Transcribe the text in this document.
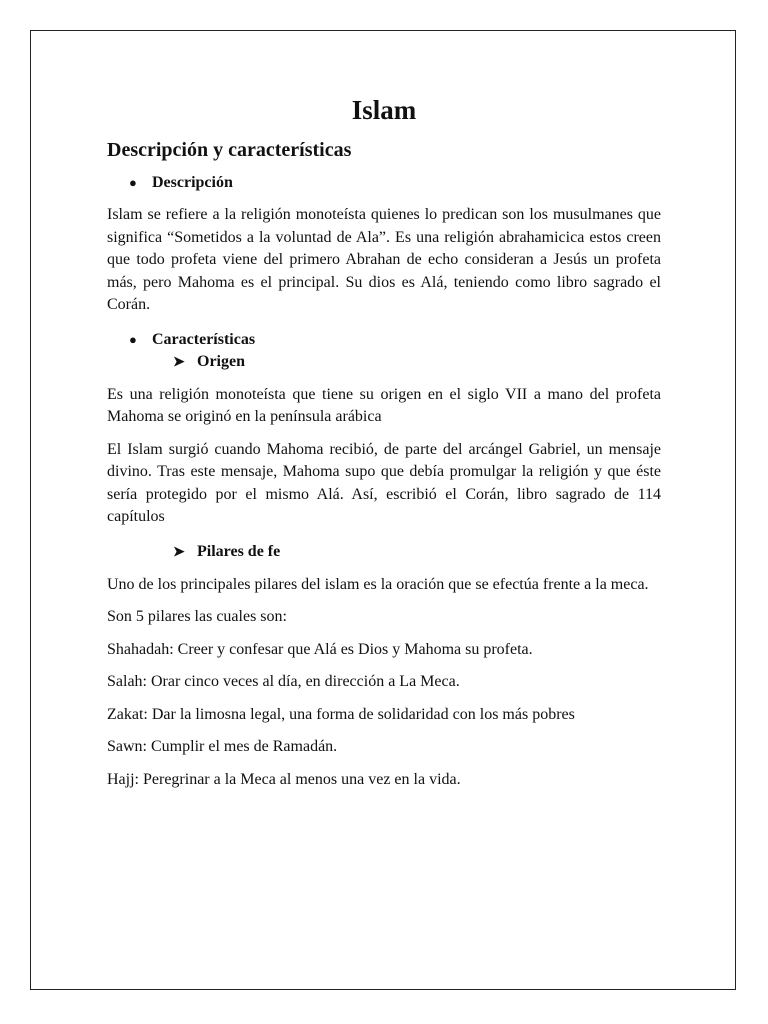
Islam
Descripción y características
● Descripción

Islam se refiere a la religión monoteísta quienes lo predican son los musulmanes que significa “Sometidos a la voluntad de Ala”. Es una religión abrahamicica estos creen que todo profeta viene del primero Abrahan de echo consideran a Jesús un profeta más, pero Mahoma es el principal. Su dios es Alá, teniendo como libro sagrado el Corán.

● Características
➤ Origen

Es una religión monoteísta que tiene su origen en el siglo VII a mano del profeta Mahoma se originó en la península arábica

El Islam surgió cuando Mahoma recibió, de parte del arcángel Gabriel, un mensaje divino. Tras este mensaje, Mahoma supo que debía promulgar la religión y que éste sería protegido por el mismo Alá. Así, escribió el Corán, libro sagrado de 114 capítulos

➤ Pilares de fe

Uno de los principales pilares del islam es la oración que se efectúa frente a la meca.

Son 5 pilares las cuales son:

Shahadah: Creer y confesar que Alá es Dios y Mahoma su profeta.

Salah: Orar cinco veces al día, en dirección a La Meca.

Zakat: Dar la limosna legal, una forma de solidaridad con los más pobres

Sawn: Cumplir el mes de Ramadán.

Hajj: Peregrinar a la Meca al menos una vez en la vida.
